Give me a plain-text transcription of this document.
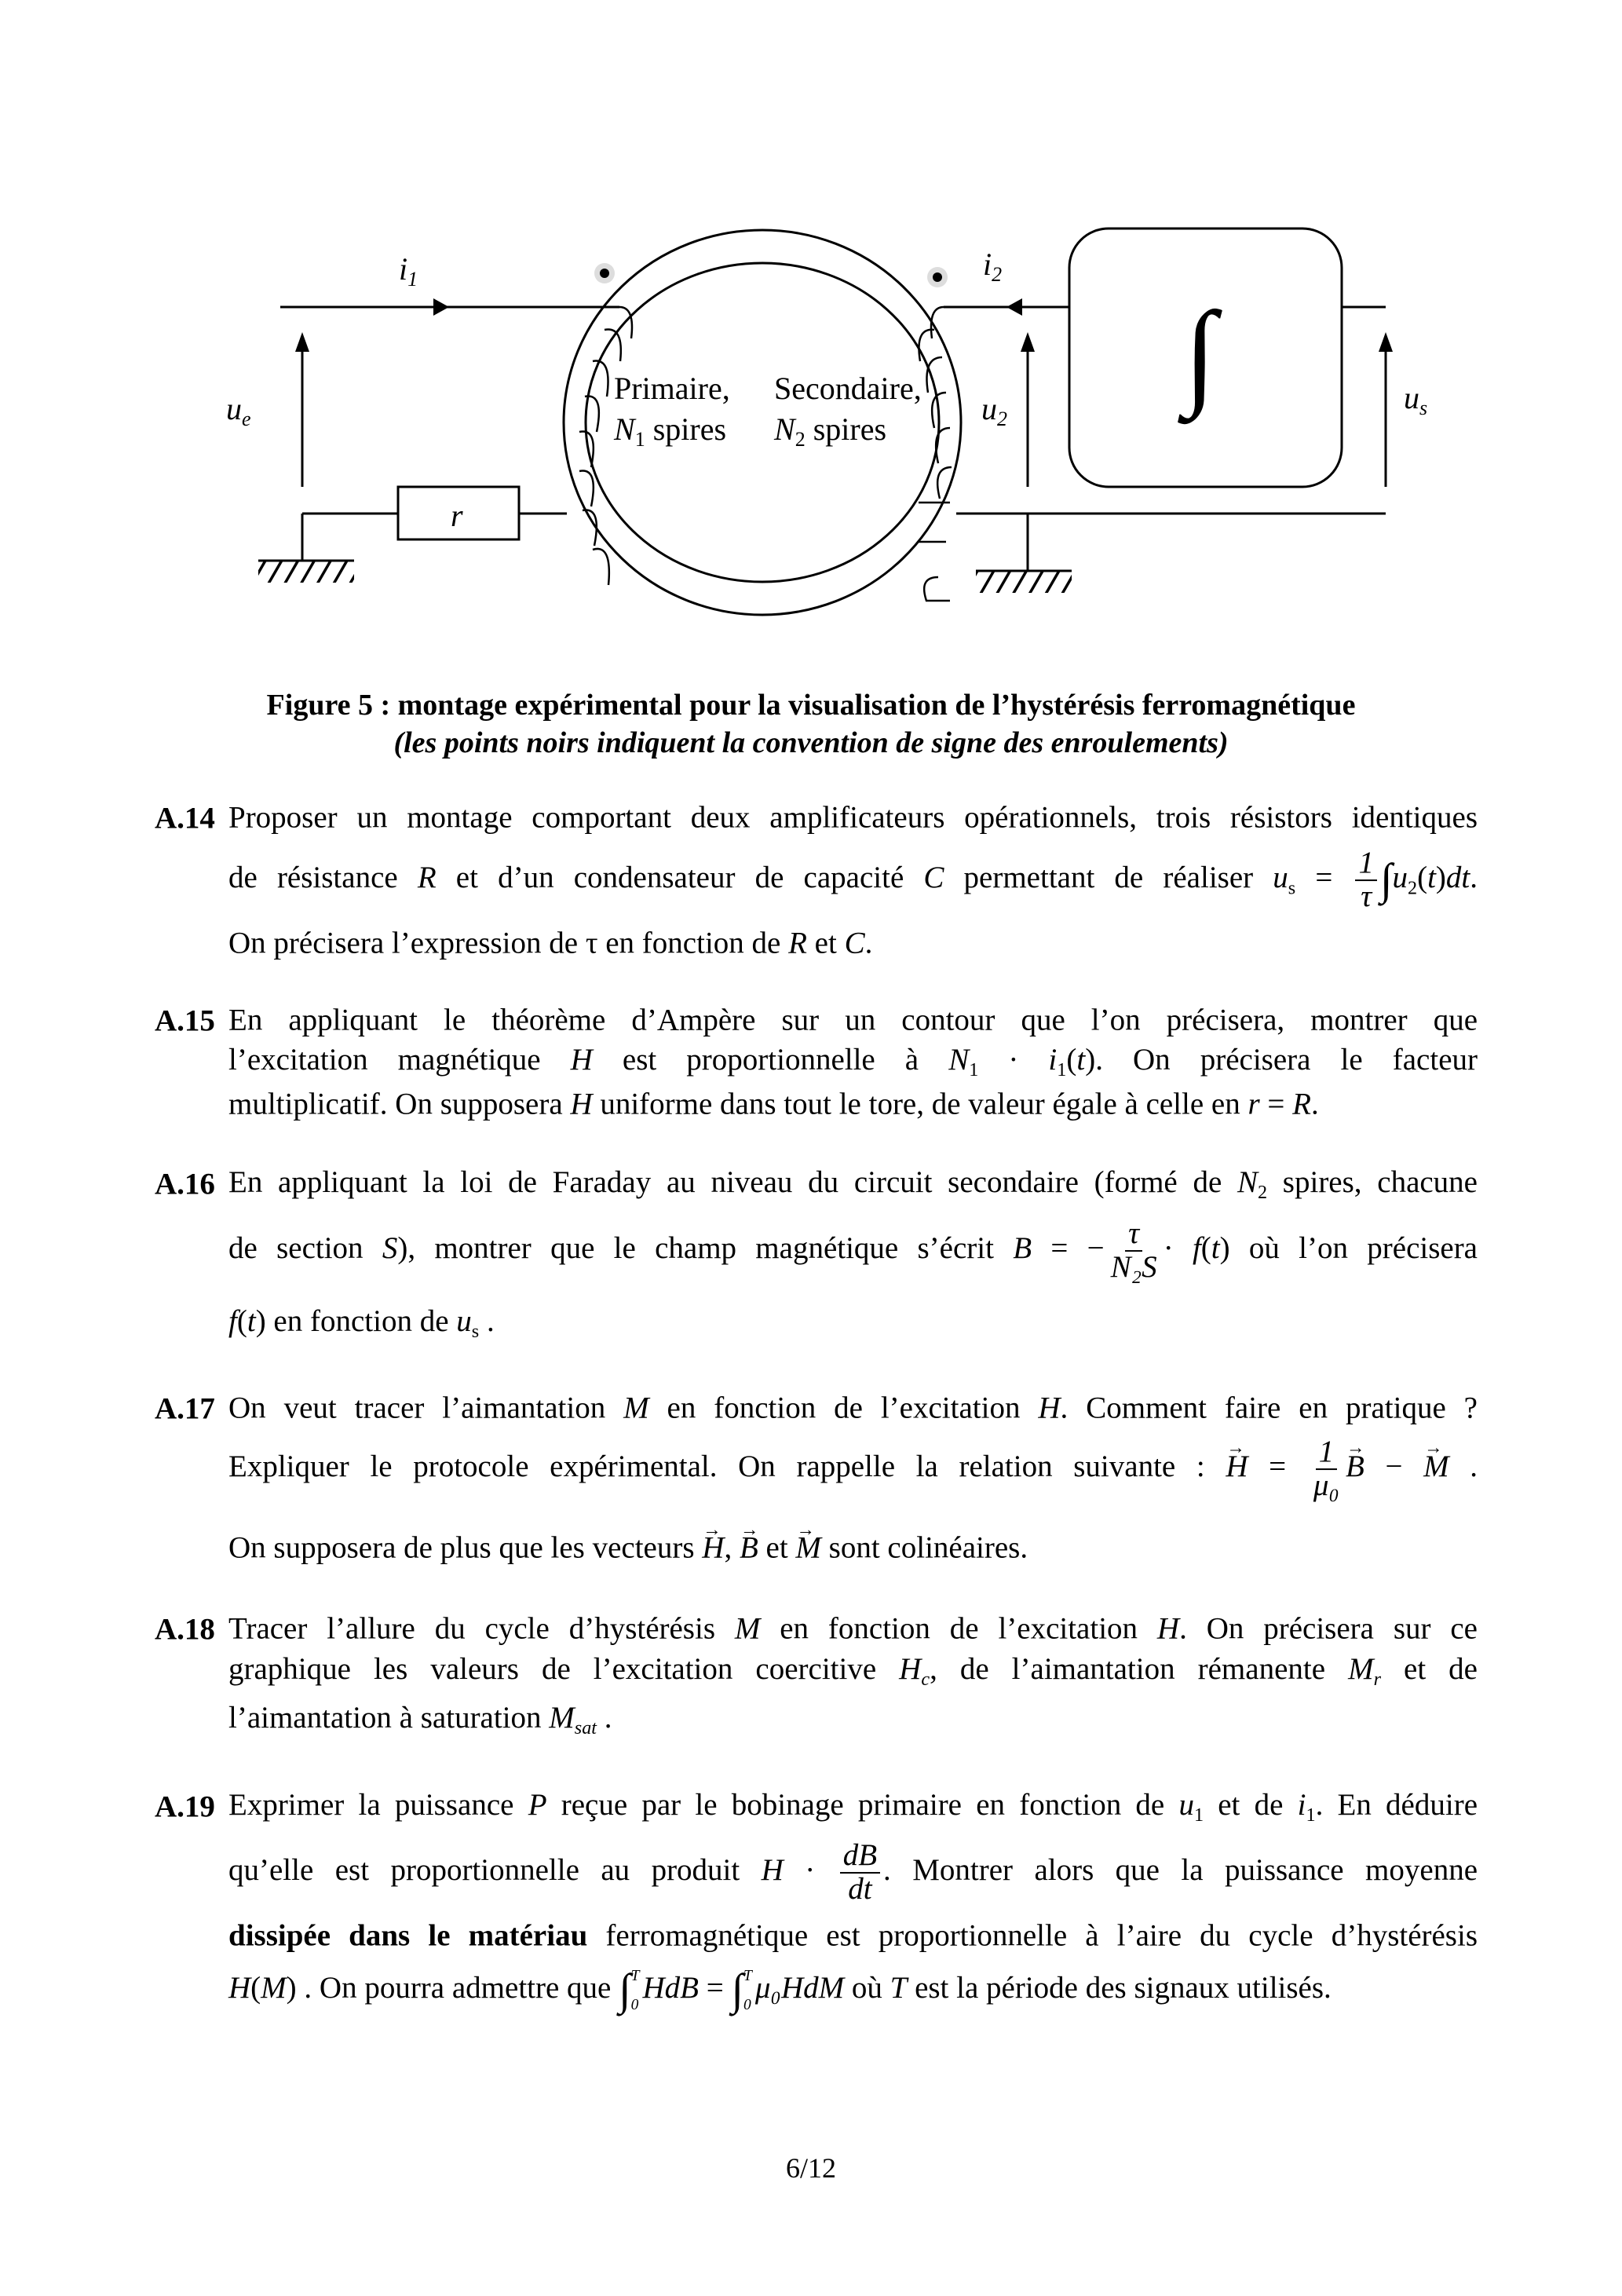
$i_1$	$i_2$
$u_e$	$u_2$
$u_s$
r
Primaire,
$N_1$ spires
Secondaire,
$N_2$ spires
∫
Figure 5 : montage expérimental pour la visualisation de l’hystérésis ferromagnétique
(les points noirs indiquent la convention de signe des enroulements)
A.14 Proposer un montage comportant deux amplificateurs opérationnels, trois résistors identiques
de résistance R et d’un condensateur de capacité C permettant de réaliser $u_s = \frac{1}{\tau} \int u_2(t)dt$.
On précisera l’expression de τ en fonction de R et C.
A.15 En appliquant le théorème d’Ampère sur un contour que l’on précisera, montrer que
l’excitation magnétique H est proportionnelle à $N_1 \cdot i_1(t)$. On précisera le facteur
multiplicatif. On supposera H uniforme dans tout le tore, de valeur égale à celle en r = R.
A.16 En appliquant la loi de Faraday au niveau du circuit secondaire (formé de $N_2$ spires, chacune
de section S), montrer que le champ magnétique s’écrit B = − $\frac{\tau}{\text{N₂S}} \cdot f(t)$ où l’on précisera
f(t) en fonction de $u_s$ .
A.17 On veut tracer l’aimantation M en fonction de l’excitation H. Comment faire en pratique ?
Expliquer le protocole expérimental. On rappelle la relation suivante : → $H = \frac{1}{\text{μ₀}} \to B$ − → M .
On supposera de plus que les vecteurs → H, → B et → M sont colinéaires.
A.18 Tracer l’allure du cycle d’hystérésis M en fonction de l’excitation H. On précisera sur ce
graphique les valeurs de l’excitation coercitive $H_c$, de l’aimantation rémanente $M_r$ et de
l’aimantation à saturation $M_{sat}$ .
A.19 Exprimer la puissance P reçue par le bobinage primaire en fonction de $u_1$ et de $i_1$. En déduire
qu’elle est proportionnelle au produit $H \cdot \frac{dB}{dt}$ . Montrer alors que la puissance moyenne
dissipée dans le matériau ferromagnétique est proportionnelle à l’aire du cycle d’hystérésis
H(M) . On pourra admettre que ∫ T
0
HdB = ∫ T
0
μ₀HdM où T est la période des signaux utilisés.
6/12
